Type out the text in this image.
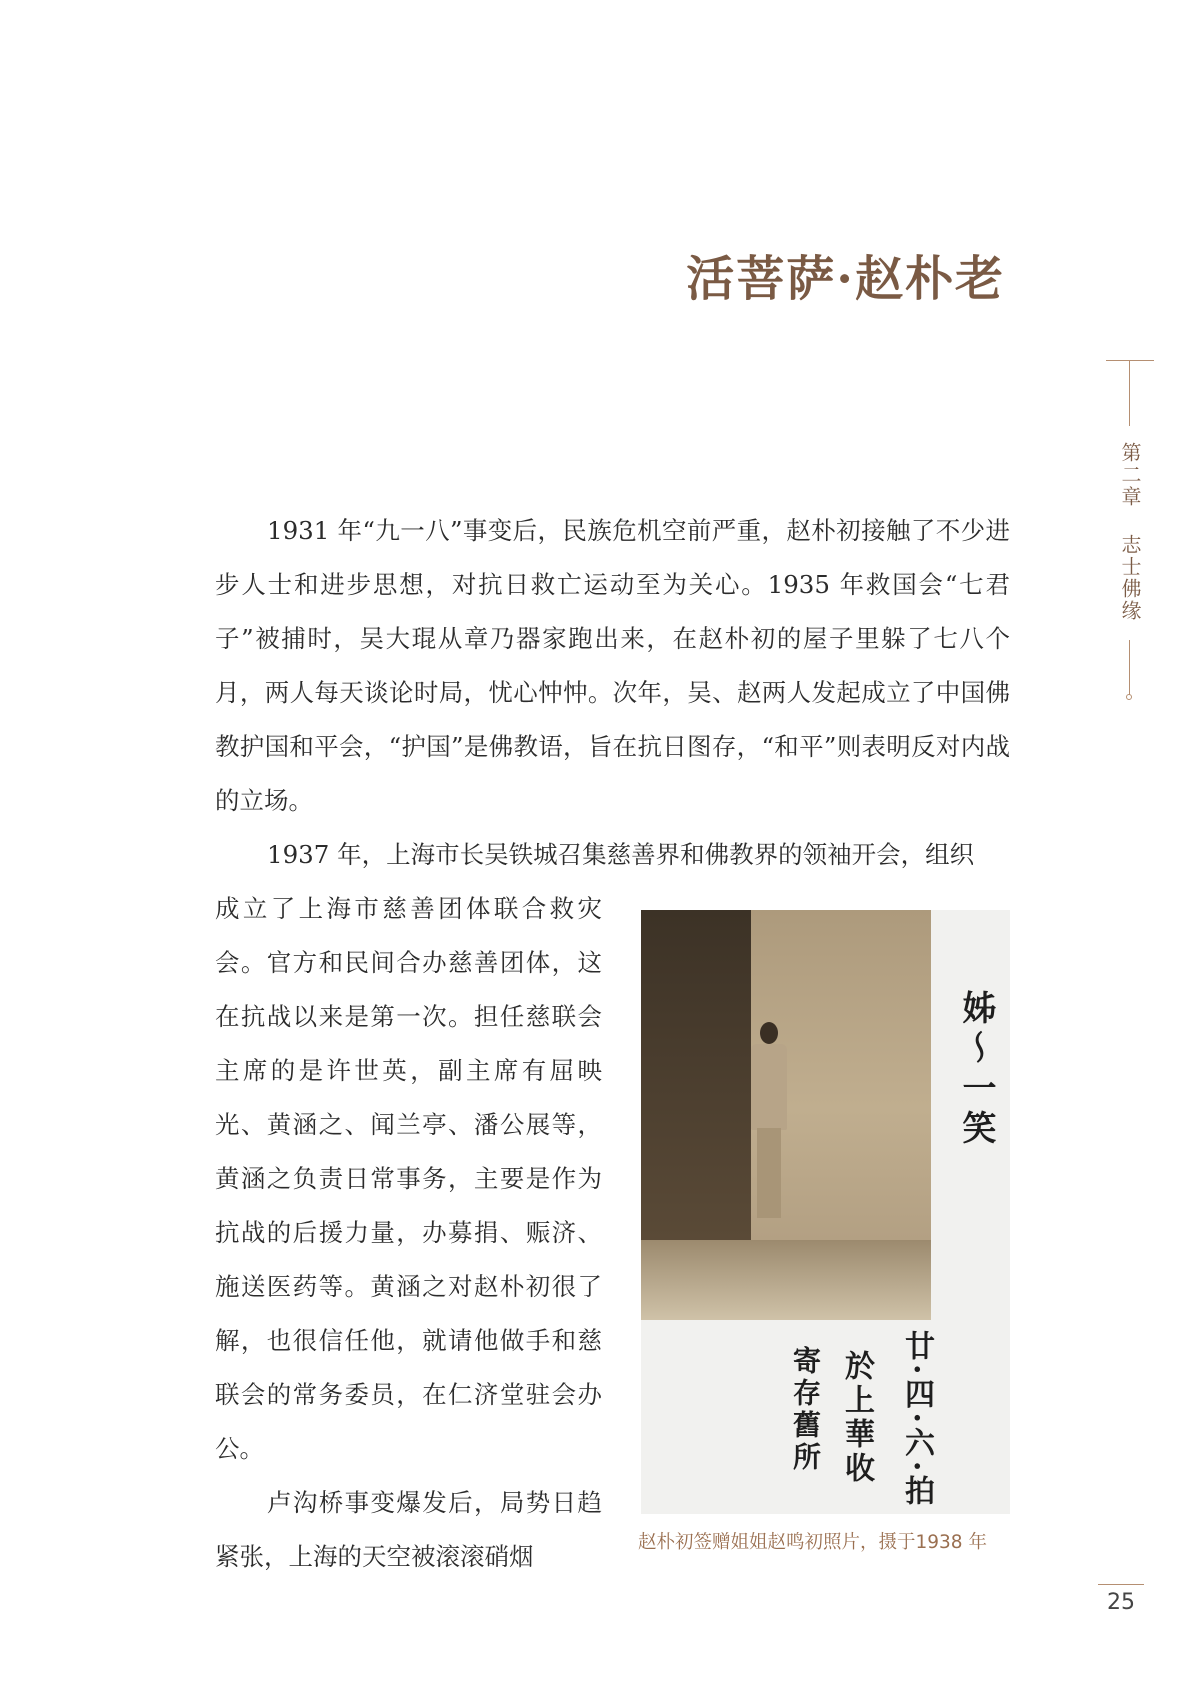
活菩萨·赵朴老
第二章志士佛缘

1931 年“九一八”事变后，民族危机空前严重，赵朴初接触了不少进步人士和进步思想，对抗日救亡运动至为关心。1935 年救国会“七君子”被捕时，吴大琨从章乃器家跑出来，在赵朴初的屋子里躲了七八个月，两人每天谈论时局，忧心忡忡。次年，吴、赵两人发起成立了中国佛教护国和平会，“护国”是佛教语，旨在抗日图存，“和平”则表明反对内战的立场。

1937 年，上海市长吴铁城召集慈善界和佛教界的领袖开会，组织

成立了上海市慈善团体联合救灾会。官方和民间合办慈善团体，这在抗战以来是第一次。担任慈联会主席的是许世英，副主席有屈映光、黄涵之、闻兰亭、潘公展等，黄涵之负责日常事务，主要是作为抗战的后援力量，办募捐、赈济、施送医药等。黄涵之对赵朴初很了解，也很信任他，就请他做手和慈联会的常务委员，在仁济堂驻会办公。

卢沟桥事变爆发后，局势日趋紧张，上海的天空被滚滚硝烟

姊～一笑
廿·四·六·拍
於上華收
寄存舊所
赵朴初签赠姐姐赵鸣初照片，摄于1938 年
25
